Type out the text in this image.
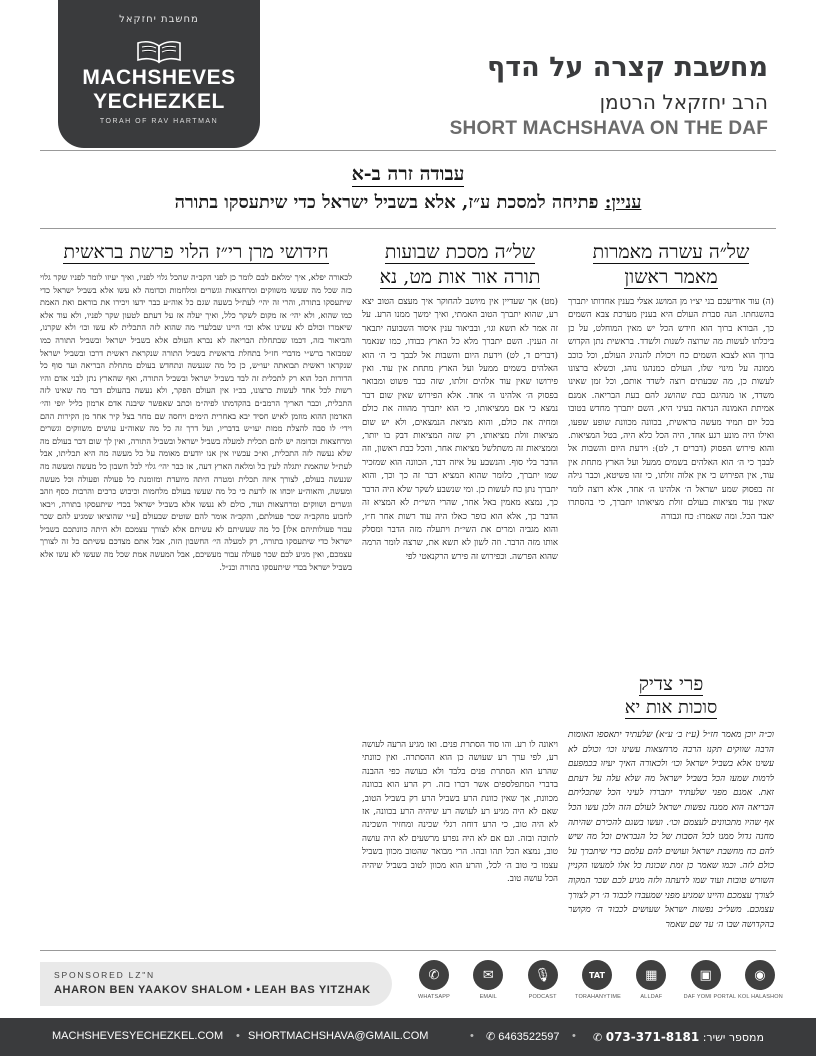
מחשבת יחזקאל
MACHSHEVES
YECHEZKEL
TORAH OF RAV HARTMAN
מחשבת קצרה על הדף
הרב יחזקאל הרטמן
SHORT MACHSHAVA ON THE DAF
עבודה זרה ב-א
עניין: פתיחה למסכת ע״ז, אלא בשביל ישראל כדי שיתעסקו בתורה
של״ה עשרה מאמרות
מאמר ראשון
(ה) עוד אודיעכם בני יצ״ו מן המושג אצלי בענין אחדותו יתברך בהשגחתו. הנה סברת העולם היא בענין מערכת צבא השמים כך, הבורא ברוך הוא חידש הכל יש מאין המוחלט, על כן ביכלתו לעשות מה שרוצה לשנות ולשדד. בראשית נתן הקדוש ברוך הוא לצבא השמים כח ויכולת להנהיג העולם, וכל כוכב ממונה על מינוי שלו, העולם כמנהגו נוהג, וכשלא ברצונו לעשות כן, מה שבעתים רוצה לשדד אותם, וכל זמן שאינו משדד, או מנהיגם כבת שהושג להם בעת הבריאה. אמנם אמיתת האמונה הנראה בעיני היא, השם יתברך מחדש בטובו בכל יום תמיד מעשה בראשית, בכוונה מכוונת שופע שפעו, ואילו היה מונע רגע אחד, היה הכל כלא היה, בטל המציאות. והוא פירוש הפסוק (דברים ד, לט): וידעת היום והשבות אל לבבך כי ה׳ הוא האלהים בשמים ממעל ועל הארץ מתחת אין עוד, אין הפירוש כי אין אלוה זולתו, כי זהו פשיטא, וכבר גילה זה בפסוק שמע ישראל ה׳ אלהינו ה׳ אחד, אלא רוצה לומר שאין עוד מציאות בעולם זולת מציאותו יתברך, כי בהסתרו יאבד הכל. ומה שאמרו: כח וגבורה
של״ה מסכת שבועות
תורה אור אות מט, נא
(מט) אך שעדיין אין מיושב להחוקר איך מעצם הטוב יצא רע, שהוא יתברך הטוב האמתי, ואיך ימשך ממנו הרע. על זה אמר לא תשא וגו׳, ובביאור ענין איסור השבועה יתבאר זה הענין. השם יתברך מלא כל הארץ כבודו, כמו שנאמר (דברים ד, לט) וידעת היום והשבות אל לבבך כי ה׳ הוא האלהים בשמים ממעל ועל הארץ מתחת אין עוד. ואין פירושו שאין עוד אלהים זולתו, שזה כבר פשוט ומבואר בפסוק ה׳ אלהינו ה׳ אחד. אלא הפירוש שאין שום דבר נמצא כי אם ממציאותו, כי הוא יתברך מהווה את כולם ומחיה את כולם, והוא מציאת הנמצאים, ולא יש שום מציאות זולת מציאותו, רק שזה המציאות דבק בו יותר, וממציאות זה משתלשל מציאות אחר, והכל כבת ראשון, וזה הדבר בלי סוף. והנשבע על איזה דבר, הכוונה הוא שמזכיר שמו יתברך, כלומר שהוא המציא דבר זה כך וכך, והוא יתברך נתן כח לעשות כן. ומי שנשבע לשקר שלא היה הדבר כך, נמצא מאמין באל אחר, שהרי השי״ת לא המציא זה הדבר כך, אלא הוא כופר כאלו היה עוד רשות אחר ח״ו, והוא מגביה ומרים את השי״ת ויתעלה מזה הדבר ומסלק אותו מזה הדבר. וזה לשון לא תשא את, שרצה לומר הרמה שהוא הפרשה. וכפירוש זה פירש הרקנאטי לפי
ויאונה לו רע. והו סוד הסתרת פנים. ואז מגיע הרעה לעושה רע, לפי ערך רע שעושה כן הוא ההסתרה. ואין כוונתי שהרע הוא הסתרת פנים בלבד ולא כעושה כפי ההבנה בדברי המתפלספים אשר דברו בזה. רק הרע הוא בכוונה מכוונת, אך שאין כוונת הרע בשביל הרע רק בשביל הטוב, שאם לא היה מגיע רע לעושה רע שיהיה הרע בכוונה, אז לא היה טוב, כי הרע דוחה רגלי שכינה ומחזיר השכינה לתוכה ובזה. וגם אם לא היה נפרע מרשעים לא היה עושה טוב, נמצא הכל תהו ובהו. הרי מבואר שהטוב מכוון בשביל עצמו כי טוב ה׳ לכל, והרע הוא מכוון לטוב בשביל שיהיה הכל עושה טוב.
חידושי מרן רי״ז הלוי פרשת בראשית
לכאורה יפלא, איך ימלאם לבם לומר כן לפני הקב״ה שהכל גלוי לפניו, ואיך יעיזו לומר לפניו שקר גלוי כזה שכל מה שעשו משווקים ומרחצאות וגשרים ומלחמות וכדומה לא עשו אלא בשביל ישראל כדי שיתעסקו בתורה, והרי זה יהי׳ לעת״ל בשעה שגם כל אוה״ע כבר ידעו ויכירו את בוראם ואת האמת כמו שהוא, ולא יהי׳ אז מקום לשקר כלל, ואיך יעלה אז על דעתם לטעון שקר לפניו, ולא עוד אלא שיאמרו וכולם לא עשינו אלא וכו׳ היינו שבלעדי מה שהוא לזה התכלית לא עשו וכו׳ ולא שקרנו, והביאור בזה, דכמו שבתחלת הבריאה לא נברא העולם אלא בשביל ישראל ובשביל התורה כמו שמבואר ברש״י מדברי חז״ל בתחלת בראשית בשביל התורה שנקראת ראשית דרכו ובשביל ישראל שנקראו ראשית תבואתה יעו״ש, כן כל מה שנעשה ונתחדש בעולם מתחלת הבריאה ועד סוף כל הדורות הכל הוא רק לתכלית זה לבד בשביל ישראל ובשביל התורה, ואף שהארץ נתן לבני אדם והיו רשות לכל אחד לעשות כרצונו, בכ״ז אין העולם הפקר, ולא נעשה בהעולם דבר מה שאינו לזה התכלית, וכבר האריך הרמב״ם בהקדמתו לפיה״מ וכתב שאפשר שיבנה אדם ארמון כליל יופי והי׳ האדמון ההוא מוזמן לאיש חסיד יבא באחרית הימים ויחסה שם מחר בצל קיר אחד מן הקירות ההם וידי׳ לו סבה להצלת ממות יעו״ש בדבריו, ועל דרך זה כל מה שאוה״ע עושים משווקים וגשרים ומרחצאות וכדומה יש להם תכלית למעלה בשביל ישראל ובשביל התורה, ואין לך שום דבר בעולם מה שלא נעשה לזה התכלית, וא״כ עכשיו אין אנו יודעים מאומה על כל מעשה מה היא תכליתו, אבל לעת״ל שהאמת יתגלה לעין כל ומלאה הארץ דעה, אז כבר יהי׳ גלוי לכל חשבון כל מעשה ומעשה מה שנעשה בעולם, לצורך איזה תכלית ומטרה היתה מיועדת ומזומנת כל פעולה ופעולה וכל מעשה ומעשה, והאוה״ע יוכחו אז לדעת כי כל מה שעשו בעולם מלחמות וכיבוש כרכים והרבות כסף וזהב וגשרים ושווקים ומרחצאות ועוד, כולם לא נעשו אלא בשביל ישראל בכדי שיתעסקו בתורה, ויבאו לחבוע מהקב״ה שכר פעולתם, והקב״ה אומר להם שוטים שבעולם [ע״י שהוציאו שמגיע להם שכר עבור פעולותיהם אלו] כל מה שעשיתם לא עשיתם אלא לצורך עצמכם ולא היתה כוונתכם בשביל ישראל כדי שיתעסקו בתורה, רק למעלה הי׳ החשבון הזה, אבל אתם מצדכם עשיתם כל זה לצורך עצמכם, ואין מגיע לכם שכר פעולה עבור מעשיכם, אבל המעשה אמת שכל מה שעשו לא עשו אלא בשביל ישראל בכדי שיתעסקו בתורה וכנ״ל.
פרי צדיק
סוכות אות יא
וכ״ה יוכן מאמר חז״ל (ע״ז ב׳ ע״א) שלעתיד יתאספו האומות הרבה שווקים תקנו הרבה מרחצאות עשינו וכו׳ וכולם לא עשינו אלא בשביל ישראל וכו׳ ולכאורה האיך יעיזו בכמפעם לרמות שמעו הכל בשביל ישראל מה שלא עלה על דעתם זאת. אמנם מפני שלעתיד יתבררו לעיני הכל שתכליתם הבריאה הוא ממנה נפשות ישראל לעולם הזה ולכן עשו הכל אף שהיו מתכוונים לעצמם וכו׳. ועשו בשגם להכירם שהיתה מחנה גדול ממנו לכל הסבות של כל הנבראים וכל מה שיש להם כח מחשבת ישראל ועושים להם עלמם כדי שיתברך על כולם לזה. וכמו שאמר כן זמת שכונת כל אלו למעשו הקניין השורש טובות ועוד שמו לדעתה ולזה מגיע לכם שכר המקוה לצורך עצמכם והיינו שמגיע מפני שמעבדו לכבוד ה׳ רק לצורך עצמכם. משל״כ נפשות ישראל שעושים לכבוד ה׳ מקושר בהקדושה שבו ה׳ עד שם שאמר
SPONSORED LZ"N
AHARON BEN YAAKOV SHALOM • LEAH BAS YITZHAK
✆
WHATSAPP
✉
EMAIL
🎙
PODCAST
TAT
TORAHANYTIME
▦
ALLDAF
▣
DAF YOMI PORTAL
◉
KOL HALASHON
MACHSHEVESYECHEZKEL.COM • SHORTMACHSHAVA@GMAIL.COM	• ✆ 6463522597 •	ממספר ישיר: 073-371-8181 ✆
